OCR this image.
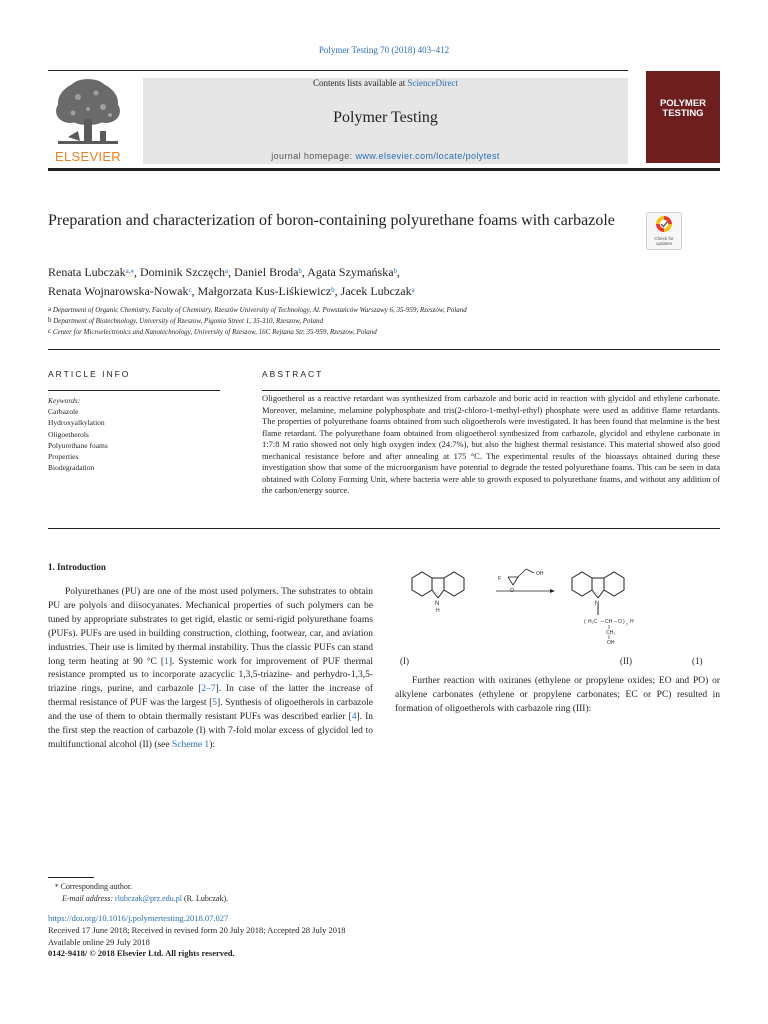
Polymer Testing 70 (2018) 403–412
ELSEVIER
Contents lists available at ScienceDirect
Polymer Testing
journal homepage: www.elsevier.com/locate/polytest
POLYMER
TESTING
Preparation and characterization of boron-containing polyurethane foams with carbazole
Check for
updates
Renata Lubczak$^{a,⁎}$, Dominik Szczęch$^a$, Daniel Broda$^b$, Agata Szymańska$^b$,
Renata Wojnarowska-Nowak$^c$, Małgorzata Kus-Liśkiewicz$^b$, Jacek Lubczak$^a$
$^a$ Department of Organic Chemistry, Faculty of Chemistry, Rzeszów University of Technology, Al. Powstańców Warszawy 6, 35-959, Rzeszów, Poland
$^b$ Department of Biotechnology, University of Rzeszow, Pigonia Street 1, 35-310, Rzeszow, Poland
$^c$ Center for Microelectronics and Nanotechnology, University of Rzeszow, 16C Rejtana Str, 35-959, Rzeszow, Poland
ARTICLE INFO
Keywords:
Carbazole
Hydroxyalkylation
Oligoetherols
Polyurethane foams
Properties
Biodegradation
ABSTRACT
Oligoetherol as a reactive retardant was synthesized from carbazole and boric acid in reaction with glycidol and ethylene carbonate. Moreover, melamine, melamine polyphosphate and tris(2-chloro-1-methyl-ethyl) phosphate were used as additive flame retardants. The properties of polyurethane foams obtained from such oligoetherols were investigated. It has been found that melamine is the best flame retardant. The polyurethane foam obtained from oligoetherol synthesized from carbazole, glycidol and ethylene carbonate in 1:7:8 M ratio showed not only high oxygen index (24.7%), but also the highest thermal resistance. This material showed also good mechanical resistance before and after annealing at 175 °C. The experimental results of the bioassays obtained during these investigation show that some of the microorganism have potential to degrade the tested polyurethane foams. This can be seen in data obtained with Colony Forming Unit, where bacteria were able to growth exposed to polyurethane foams, and without any addition of the carbon/energy source.
1. Introduction
Polyurethanes (PU) are one of the most used polymers. The substrates to obtain PU are polyols and diisocyanates. Mechanical properties of such polymers can be tuned by appropriate substrates to get rigid, elastic or semi-rigid polyurethane foams (PUFs). PUFs are used in building construction, clothing, footwear, car, and aviation industries. Their use is limited by thermal instability. Thus the classic PUFs can stand long term heating at 90 °C [1]. Systemic work for improvement of PUF thermal resistance prompted us to incorporate azacyclic 1,3,5-triazine- and perhydro-1,3,5-triazine rings, purine, and carbazole [2–7]. In case of the latter the increase of thermal resistance of PUF was the largest [5]. Synthesis of oligoetherols in carbazole and the use of them to obtain thermally resistant PUFs was described earlier [4]. In the first step the reaction of carbazole (I) with 7-fold molar excess of glycidol led to multifunctional alcohol (II) (see Scheme 1):
N
H
F
O
OH
N
( H₂C – CH – O ) 7 H
CH₂
OH
(I)	(II)	(1)
Further reaction with oxiranes (ethylene or propylene oxides; EO and PO) or alkylene carbonates (ethylene or propylene carbonates; EC or PC) resulted in formation of oligoetherols with carbazole ring (III):
⁎ Corresponding author.
E-mail address: rlubczak@prz.edu.pl (R. Lubczak).
https://doi.org/10.1016/j.polymertesting.2018.07.027
Received 17 June 2018; Received in revised form 20 July 2018; Accepted 28 July 2018
Available online 29 July 2018
0142-9418/ © 2018 Elsevier Ltd. All rights reserved.
